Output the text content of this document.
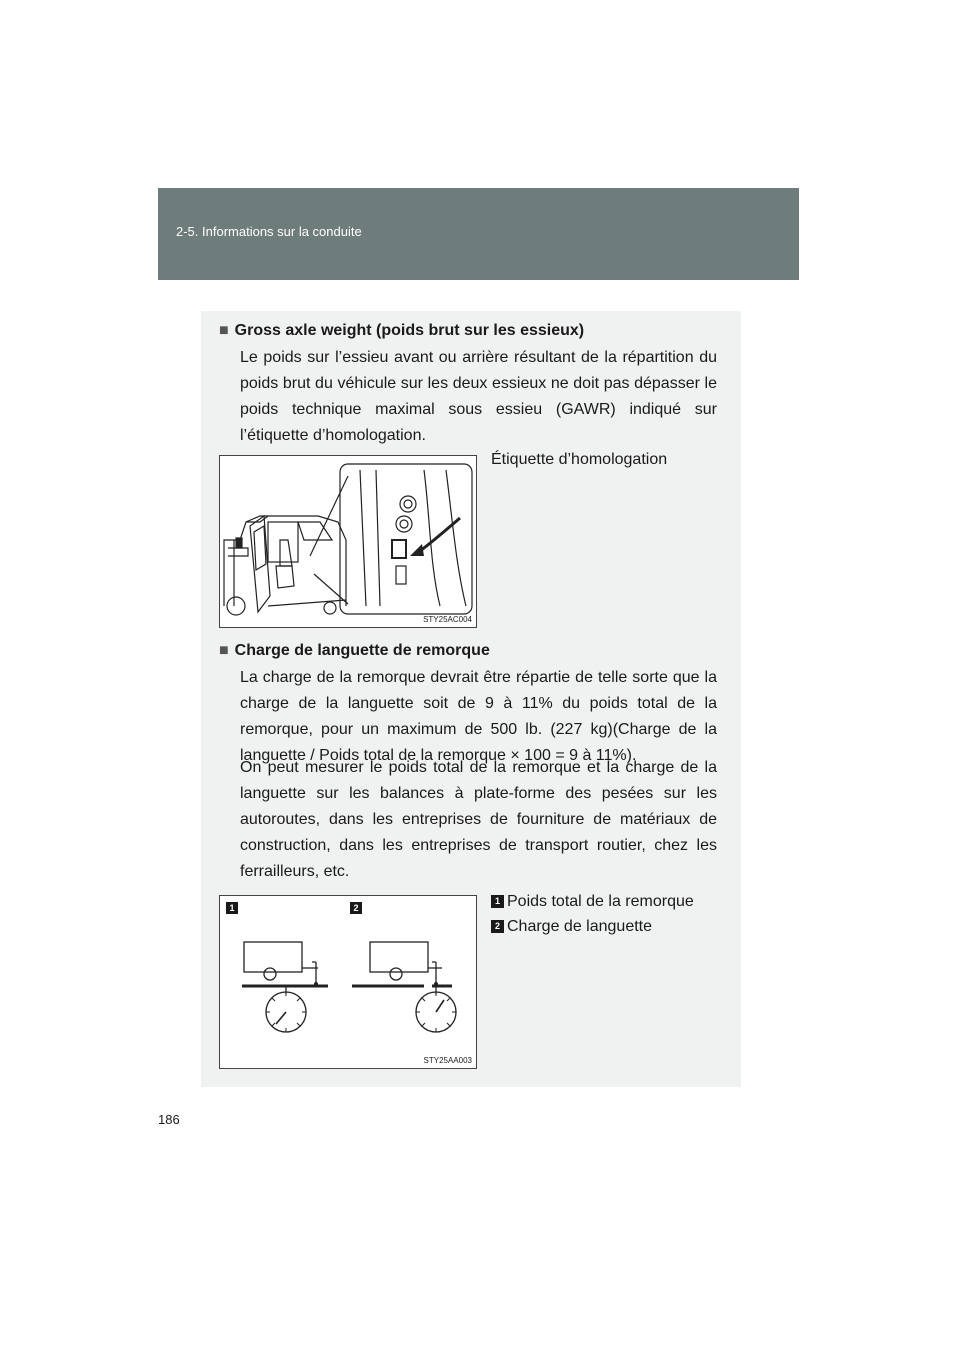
2-5. Informations sur la conduite
■ Gross axle weight (poids brut sur les essieux)
Le poids sur l’essieu avant ou arrière résultant de la répartition du poids brut du véhicule sur les deux essieux ne doit pas dépasser le poids technique maximal sous essieu (GAWR) indiqué sur l’étiquette d’homologation.
STY25AC004
Étiquette d’homologation
■ Charge de languette de remorque
La charge de la remorque devrait être répartie de telle sorte que la charge de la languette soit de 9 à 11% du poids total de la remorque, pour un maximum de 500 lb. (227 kg)(Charge de la languette / Poids total de la remorque × 100 = 9 à 11%).
On peut mesurer le poids total de la remorque et la charge de la languette sur les balances à plate-forme des pesées sur les autoroutes, dans les entreprises de fourniture de matériaux de construction, dans les entreprises de transport routier, chez les ferrailleurs, etc.
1	2
STY25AA003
1 Poids total de la remorque
2 Charge de languette
186
